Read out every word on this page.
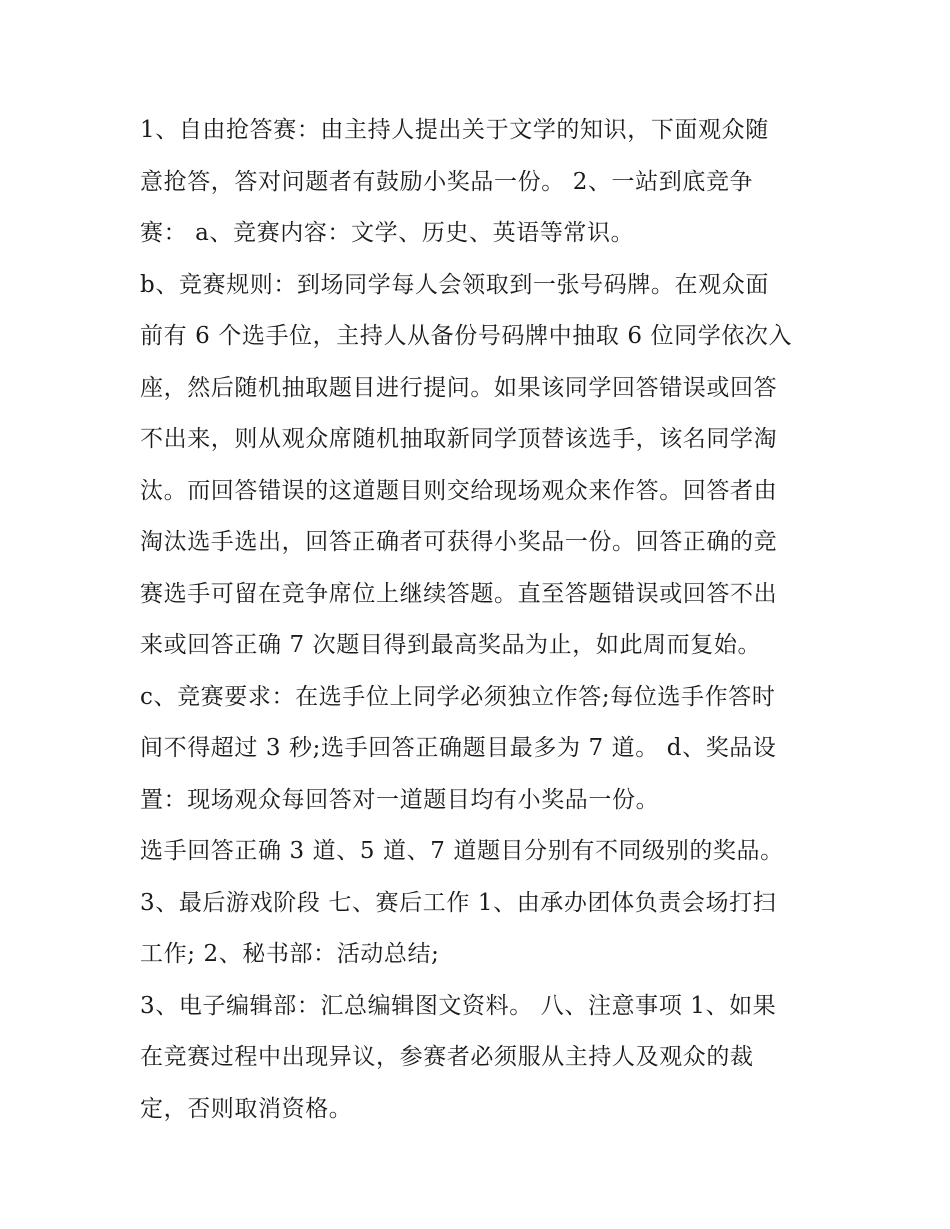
1、自由抢答赛：由主持人提出关于文学的知识，下面观众随
意抢答，答对问题者有鼓励小奖品一份。 2、一站到底竞争
赛： a、竞赛内容：文学、历史、英语等常识。
b、竞赛规则：到场同学每人会领取到一张号码牌。在观众面
前有 6 个选手位，主持人从备份号码牌中抽取 6 位同学依次入
座，然后随机抽取题目进行提问。如果该同学回答错误或回答
不出来，则从观众席随机抽取新同学顶替该选手，该名同学淘
汰。而回答错误的这道题目则交给现场观众来作答。回答者由
淘汰选手选出，回答正确者可获得小奖品一份。回答正确的竞
赛选手可留在竞争席位上继续答题。直至答题错误或回答不出
来或回答正确 7 次题目得到最高奖品为止，如此周而复始。
c、竞赛要求：在选手位上同学必须独立作答;每位选手作答时
间不得超过 3 秒;选手回答正确题目最多为 7 道。 d、奖品设
置：现场观众每回答对一道题目均有小奖品一份。
选手回答正确 3 道、5 道、7 道题目分别有不同级别的奖品。
3、最后游戏阶段 七、赛后工作 1、由承办团体负责会场打扫
工作; 2、秘书部：活动总结;
3、电子编辑部：汇总编辑图文资料。 八、注意事项 1、如果
在竞赛过程中出现异议，参赛者必须服从主持人及观众的裁
定，否则取消资格。
